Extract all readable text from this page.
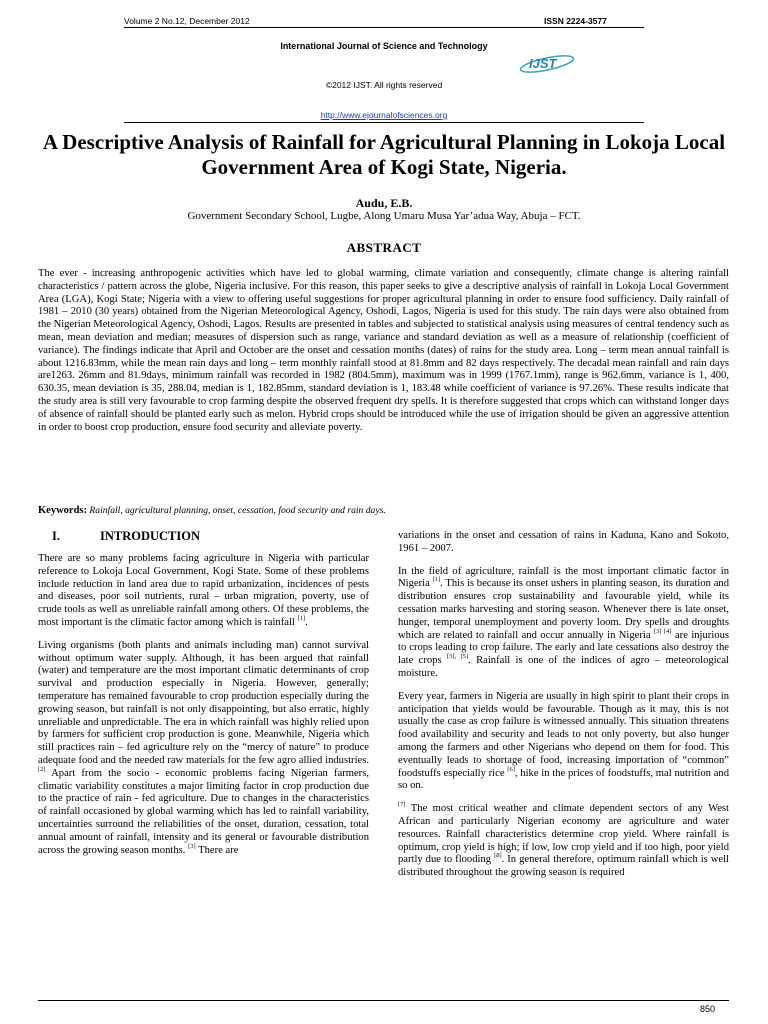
Volume 2 No.12, December 2012	ISSN 2224-3577
International Journal of Science and Technology
IJST
©2012 IJST. All rights reserved
http://www.ejournalofsciences.org
A Descriptive Analysis of Rainfall for Agricultural Planning in Lokoja Local Government Area of Kogi State, Nigeria.
Audu, E.B.
Government Secondary School, Lugbe, Along Umaru Musa Yar’adua Way, Abuja – FCT.
ABSTRACT
The ever - increasing anthropogenic activities which have led to global warming, climate variation and consequently, climate change is altering rainfall characteristics / pattern across the globe, Nigeria inclusive. For this reason, this paper seeks to give a descriptive analysis of rainfall in Lokoja Local Government Area (LGA), Kogi State; Nigeria with a view to offering useful suggestions for proper agricultural planning in order to ensure food sufficiency. Daily rainfall of 1981 – 2010 (30 years) obtained from the Nigerian Meteorological Agency, Oshodi, Lagos, Nigeria is used for this study. The rain days were also obtained from the Nigerian Meteorological Agency, Oshodi, Lagos. Results are presented in tables and subjected to statistical analysis using measures of central tendency such as mean, mean deviation and median; measures of dispersion such as range, variance and standard deviation as well as a measure of relationship (coefficient of variance). The findings indicate that April and October are the onset and cessation months (dates) of rains for the study area. Long – term mean annual rainfall is about 1216.83mm, while the mean rain days and long – term monthly rainfall stood at 81.8mm and 82 days respectively. The decadal mean rainfall and rain days are1263. 26mm and 81.9days, minimum rainfall was recorded in 1982 (804.5mm), maximum was in 1999 (1767.1mm), range is 962.6mm, variance is 1, 400, 630.35, mean deviation is 35, 288.04, median is 1, 182.85mm, standard deviation is 1, 183.48 while coefficient of variance is 97.26%. These results indicate that the study area is still very favourable to crop farming despite the observed frequent dry spells. It is therefore suggested that crops which can withstand longer days of absence of rainfall should be planted early such as melon. Hybrid crops should be introduced while the use of irrigation should be given an aggressive attention in order to boost crop production, ensure food security and alleviate poverty.
Keywords: Rainfall, agricultural planning, onset, cessation, food security and rain days.
I.	INTRODUCTION

There are so many problems facing agriculture in Nigeria with particular reference to Lokoja Local Government, Kogi State. Some of these problems include reduction in land area due to rapid urbanization, incidences of pests and diseases, poor soil nutrients, rural – urban migration, poverty, use of crude tools as well as unreliable rainfall among others. Of these problems, the most important is the climatic factor among which is rainfall [1].

Living organisms (both plants and animals including man) cannot survival without optimum water supply. Although, it has been argued that rainfall (water) and temperature are the most important climatic determinants of crop survival and production especially in Nigeria. However, generally; temperature has remained favourable to crop production especially during the growing season, but rainfall is not only disappointing, but also erratic, highly unreliable and unpredictable. The era in which rainfall was highly relied upon by farmers for sufficient crop production is gone. Meanwhile, Nigeria which still practices rain – fed agriculture rely on the “mercy of nature” to produce adequate food and the needed raw materials for the few agro allied industries. [2] Apart from the socio - economic problems facing Nigerian farmers, climatic variability constitutes a major limiting factor in crop production due to the practice of rain - fed agriculture. Due to changes in the characteristics of rainfall occasioned by global warming which has led to rainfall variability, uncertainties surround the reliabilities of the onset, duration, cessation, total annual amount of rainfall, intensity and its general or favourable distribution across the growing season months. [3] There are

variations in the onset and cessation of rains in Kaduna, Kano and Sokoto, 1961 – 2007.

In the field of agriculture, rainfall is the most important climatic factor in Nigeria [1]. This is because its onset ushers in planting season, its duration and distribution ensures crop sustainability and favourable yield, while its cessation marks harvesting and storing season. Whenever there is late onset, hunger, temporal unemployment and poverty loom. Dry spells and droughts which are related to rainfall and occur annually in Nigeria [3] [4] are injurious to crops leading to crop failure. The early and late cessations also destroy the late crops [3], [5]. Rainfall is one of the indices of agro – meteorological moisture.

Every year, farmers in Nigeria are usually in high spirit to plant their crops in anticipation that yields would be favourable. Though as it may, this is not usually the case as crop failure is witnessed annually. This situation threatens food availability and security and leads to not only poverty, but also hunger among the farmers and other Nigerians who depend on them for food. This eventually leads to shortage of food, increasing importation of “common” foodstuffs especially rice [6], hike in the prices of foodstuffs, mal nutrition and so on.

[7] The most critical weather and climate dependent sectors of any West African and particularly Nigerian economy are agriculture and water resources. Rainfall characteristics determine crop yield. Where rainfall is optimum, crop yield is high; if low, low crop yield and if too high, poor yield partly due to flooding [8]. In general therefore, optimum rainfall which is well distributed throughout the growing season is required

850
